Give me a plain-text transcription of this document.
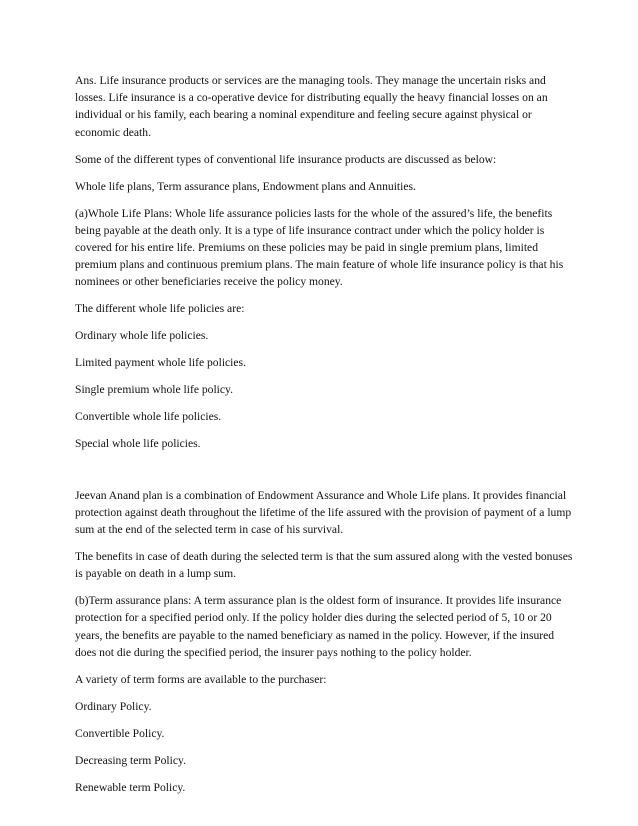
Ans. Life insurance products or services are the managing tools. They manage the uncertain risks and losses. Life insurance is a co-operative device for distributing equally the heavy financial losses on an individual or his family, each bearing a nominal expenditure and feeling secure against physical or economic death.

Some of the different types of conventional life insurance products are discussed as below:

Whole life plans, Term assurance plans, Endowment plans and Annuities.

(a)Whole Life Plans: Whole life assurance policies lasts for the whole of the assured’s life, the benefits being payable at the death only. It is a type of life insurance contract under which the policy holder is covered for his entire life. Premiums on these policies may be paid in single premium plans, limited premium plans and continuous premium plans. The main feature of whole life insurance policy is that his nominees or other beneficiaries receive the policy money.

The different whole life policies are:

Ordinary whole life policies.

Limited payment whole life policies.

Single premium whole life policy.

Convertible whole life policies.

Special whole life policies.

Jeevan Anand plan is a combination of Endowment Assurance and Whole Life plans. It provides financial protection against death throughout the lifetime of the life assured with the provision of payment of a lump sum at the end of the selected term in case of his survival.

The benefits in case of death during the selected term is that the sum assured along with the vested bonuses is payable on death in a lump sum.

(b)Term assurance plans: A term assurance plan is the oldest form of insurance. It provides life insurance protection for a specified period only. If the policy holder dies during the selected period of 5, 10 or 20 years, the benefits are payable to the named beneficiary as named in the policy. However, if the insured does not die during the specified period, the insurer pays nothing to the policy holder.

A variety of term forms are available to the purchaser:

Ordinary Policy.

Convertible Policy.

Decreasing term Policy.

Renewable term Policy.
